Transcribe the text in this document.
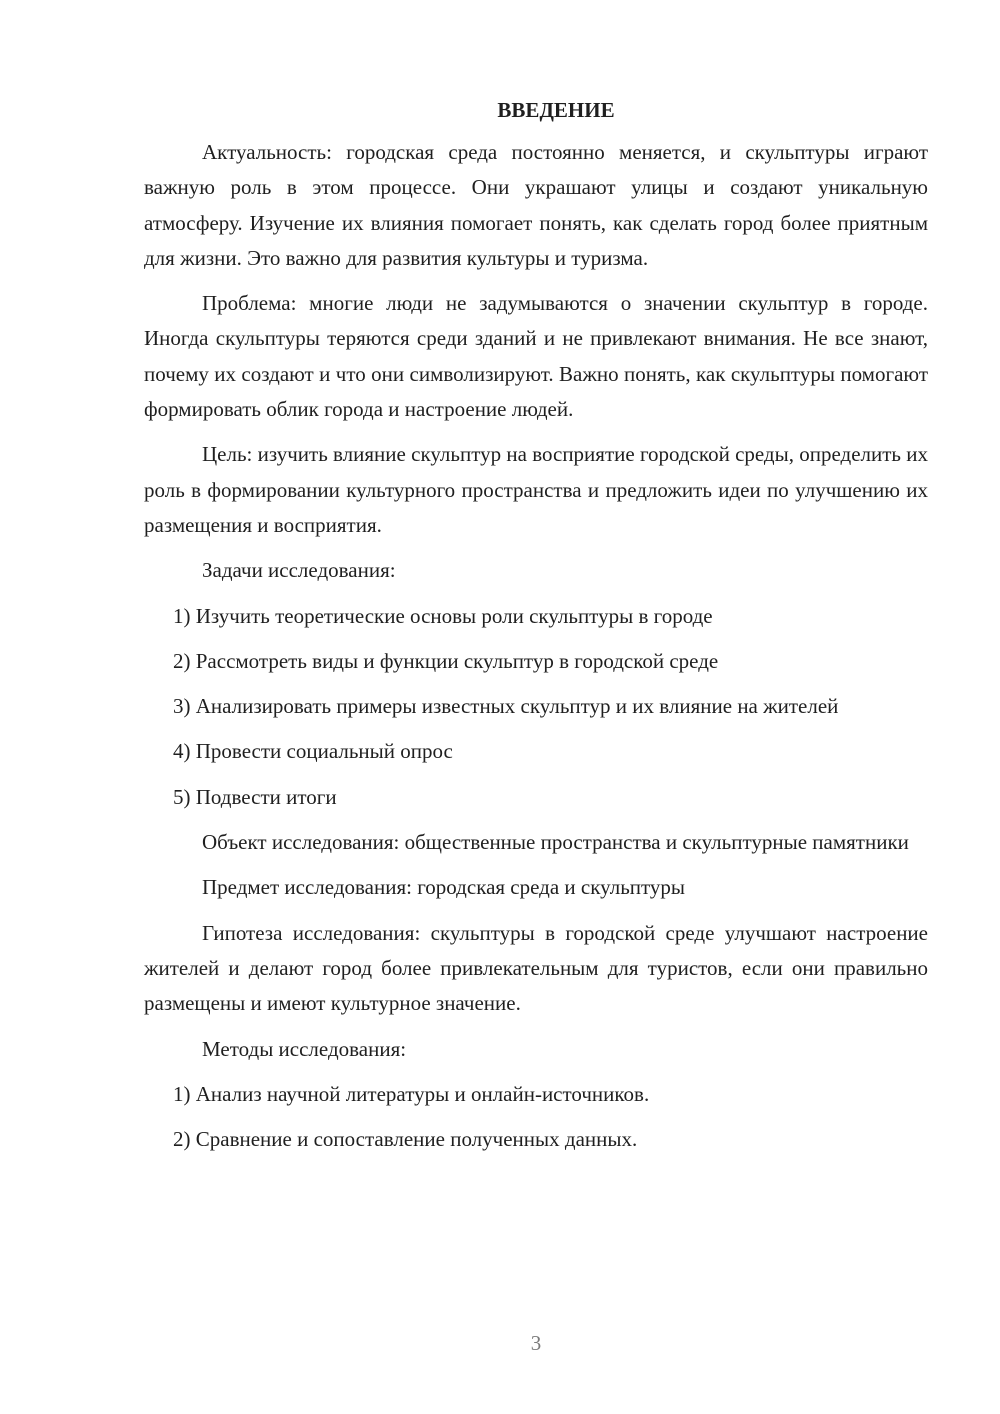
ВВЕДЕНИЕ

Актуальность: городская среда постоянно меняется, и скульптуры играют важную роль в этом процессе. Они украшают улицы и создают уникальную атмосферу. Изучение их влияния помогает понять, как сделать город более приятным для жизни. Это важно для развития культуры и туризма.

Проблема: многие люди не задумываются о значении скульптур в городе. Иногда скульптуры теряются среди зданий и не привлекают внимания. Не все знают, почему их создают и что они символизируют. Важно понять, как скульптуры помогают формировать облик города и настроение людей.

Цель: изучить влияние скульптур на восприятие городской среды, определить их роль в формировании культурного пространства и предложить идеи по улучшению их размещения и восприятия.

Задачи исследования:

1) Изучить теоретические основы роли скульптуры в городе

2) Рассмотреть виды и функции скульптур в городской среде

3) Анализировать примеры известных скульптур и их влияние на жителей

4) Провести социальный опрос

5) Подвести итоги

Объект исследования: общественные пространства и скульптурные памятники

Предмет исследования: городская среда и скульптуры

Гипотеза исследования: скульптуры в городской среде улучшают настроение жителей и делают город более привлекательным для туристов, если они правильно размещены и имеют культурное значение.

Методы исследования:

1) Анализ научной литературы и онлайн-источников.

2) Сравнение и сопоставление полученных данных.

3
